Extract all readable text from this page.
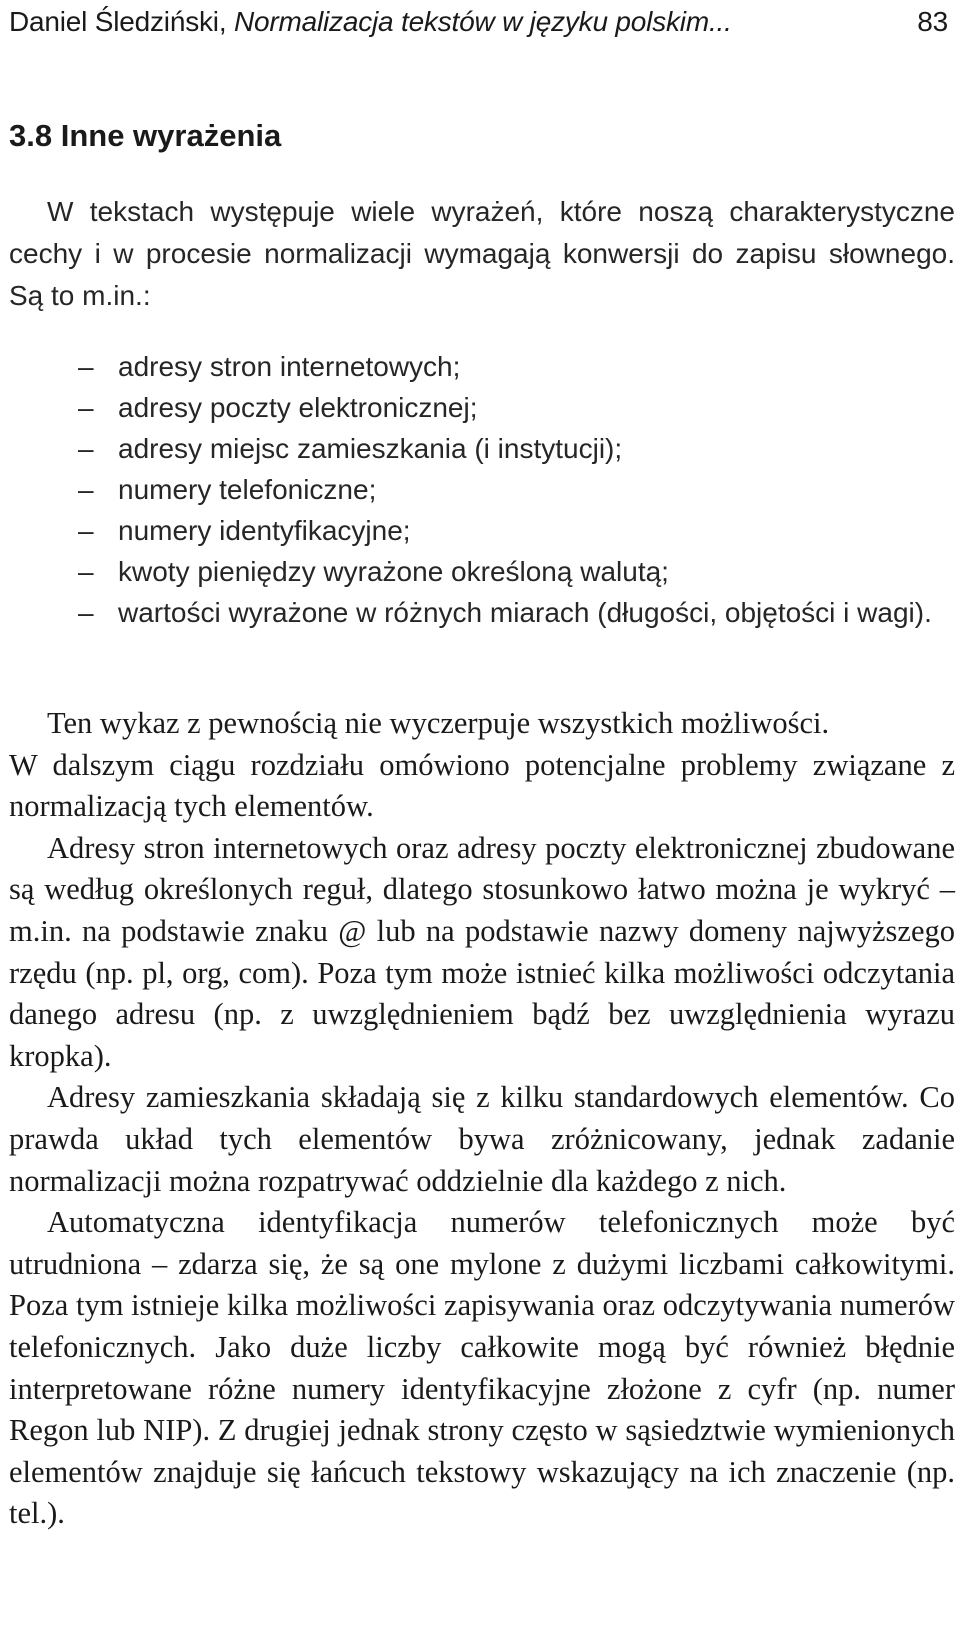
Daniel Śledziński, Normalizacja tekstów w języku polskim...	83
3.8 Inne wyrażenia

W tekstach występuje wiele wyrażeń, które noszą charakterystyczne cechy i w procesie normalizacji wymagają konwersji do zapisu słownego. Są to m.in.:

– adresy stron internetowych;
– adresy poczty elektronicznej;
– adresy miejsc zamieszkania (i instytucji);
– numery telefoniczne;
– numery identyfikacyjne;
– kwoty pieniędzy wyrażone określoną walutą;
– wartości wyrażone w różnych miarach (długości, objętości i wagi).

Ten wykaz z pewnością nie wyczerpuje wszystkich możliwości.

W dalszym ciągu rozdziału omówiono potencjalne problemy związane z normalizacją tych elementów.

Adresy stron internetowych oraz adresy poczty elektronicznej zbudowane są według określonych reguł, dlatego stosunkowo łatwo można je wykryć – m.in. na podstawie znaku @ lub na podstawie nazwy domeny najwyższego rzędu (np. pl, org, com). Poza tym może istnieć kilka możliwości odczytania danego adresu (np. z uwzględnieniem bądź bez uwzględnienia wyrazu kropka).

Adresy zamieszkania składają się z kilku standardowych elementów. Co prawda układ tych elementów bywa zróżnicowany, jednak zadanie normalizacji można rozpatrywać oddzielnie dla każdego z nich.

Automatyczna identyfikacja numerów telefonicznych może być utrudniona – zdarza się, że są one mylone z dużymi liczbami całkowitymi. Poza tym istnieje kilka możliwości zapisywania oraz odczytywania numerów telefonicznych. Jako duże liczby całkowite mogą być również błędnie interpretowane różne numery identyfikacyjne złożone z cyfr (np. numer Regon lub NIP). Z drugiej jednak strony często w sąsiedztwie wymienionych elementów znajduje się łańcuch tekstowy wskazujący na ich znaczenie (np. tel.).
